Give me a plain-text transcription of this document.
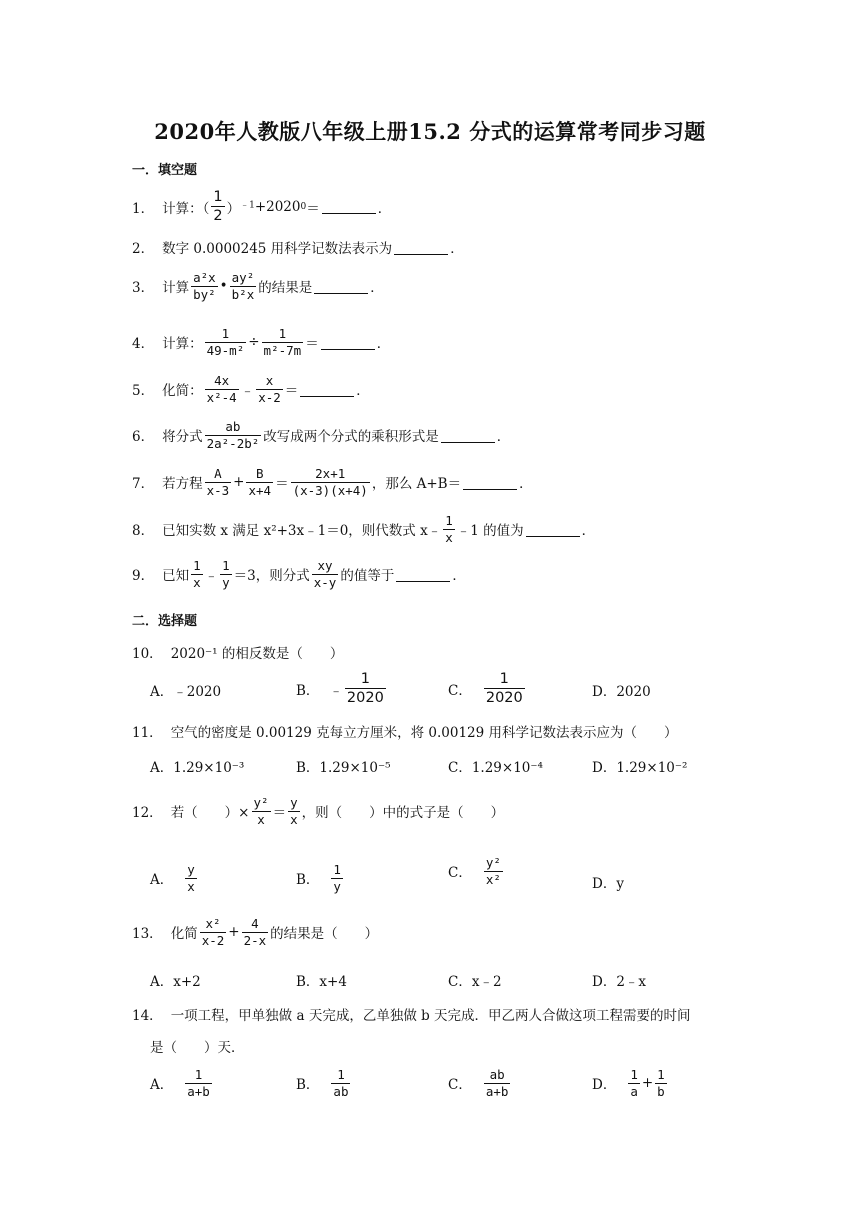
2020年人教版八年级上册15.2 分式的运算常考同步习题
一．填空题
1． 计算：（ $\frac{1}{2} )^{﹣1} +2020$ 0 ＝	．
2． 数字 0.0000245 用科学记数法表示为	．
3． 计算 $\frac{\text{a²x}}{\text{by²}}$ • $\frac{\text{ay²}}{\text{b²x}}$ 的结果是	．
4． 计算： $\frac{1}{\text{49-m²}} \div \frac{1}{\text{m²-7m}}$ ＝	．
5． 化简： $\frac{4x}{\text{x²-4}}$ ﹣ $\frac{x}{x-2}$ ＝	．
6． 将分式 $\frac{ab}{\text{2a²-2b²}}$ 改写成两个分式的乘积形式是	．
7． 若方程 $\frac{A}{x-3} + \frac{B}{x+4} = \frac{2x+1}{(x-3)(x+4)}$ ，那么 A+B＝	．
8． 已知实数 x 满足 x²+3x﹣1＝0，则代数式 x﹣ $\frac{1}{x}$ ﹣1 的值为	．
9． 已知 $\frac{1}{x}$ ﹣ $\frac{1}{y} =3$，则分式 $\frac{xy}{x-y}$ 的值等于	．
二．选择题
10． 2020⁻¹ 的相反数是（　　）
A．﹣2020	B． ﹣ $\frac{1}{2020}$	C． $\frac{1}{2020}$	D．2020
11． 空气的密度是 0.00129 克每立方厘米，将 0.00129 用科学记数法表示应为（　　）
A．1.29×10⁻³	B．1.29×10⁻⁵	C．1.29×10⁻⁴	D．1.29×10⁻²
12． 若（　　）× $\frac{\text{y²}}{x} = \frac{y}{x}$ ，则（　　）中的式子是（　　）
A． $\frac{y}{x}$	B． $\frac{1}{y}$	C． $\frac{\text{y²}}{\text{x²}}$	D．y
13． 化简 $\frac{\text{x²}}{x-2} + \frac{4}{2-x}$ 的结果是（　　）
A．x+2	B．x+4	C．x﹣2	D．2﹣x
14． 一项工程，甲单独做 a 天完成，乙单独做 b 天完成．甲乙两人合做这项工程需要的时间
是（　　）天．
A． $\frac{1}{a+b}$	B． $\frac{1}{ab}$	C． $\frac{ab}{a+b}$	D． $\frac{1}{a} + \frac{1}{b}$
